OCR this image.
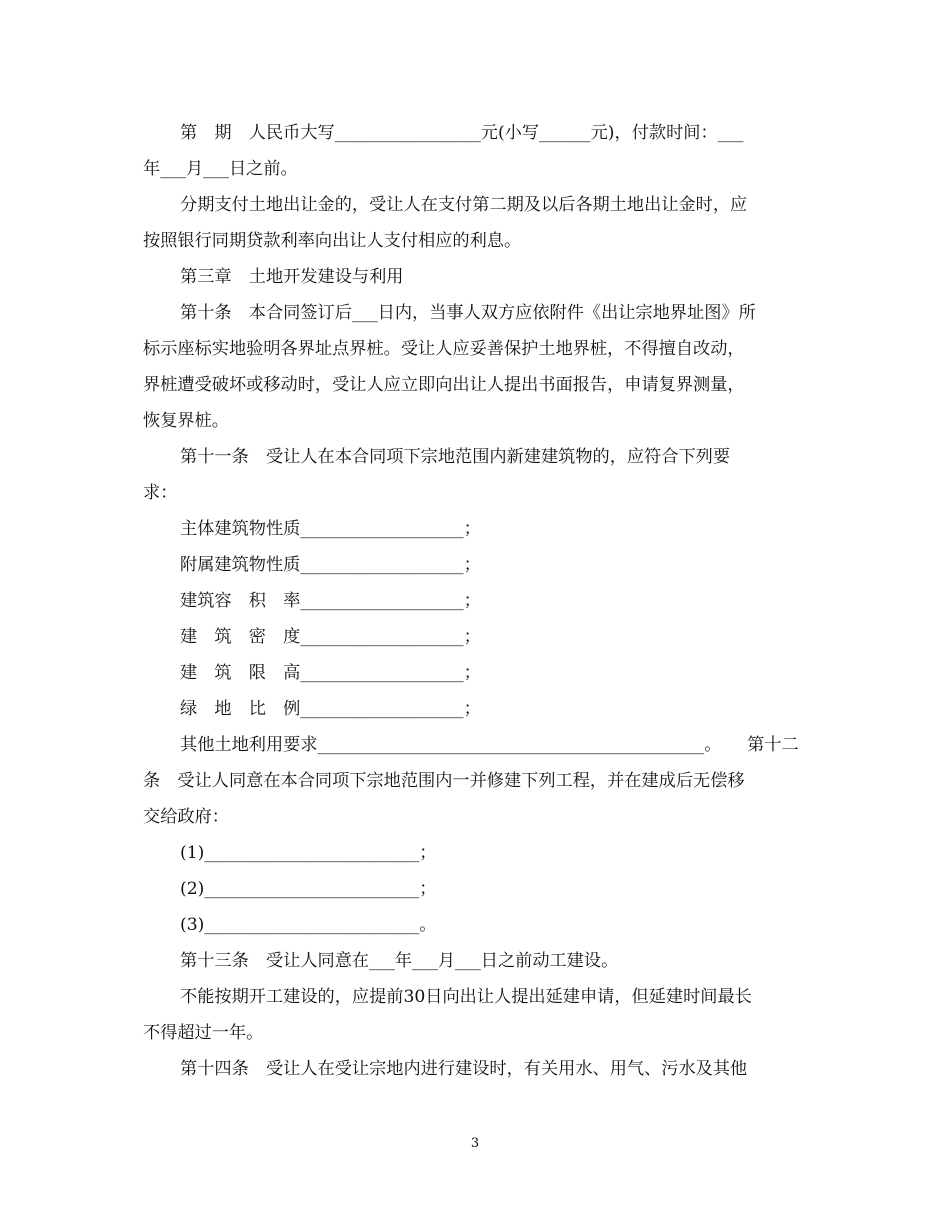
第　期　人民币大写_________________元(小写______元)，付款时间：___
年___月___日之前。
分期支付土地出让金的，受让人在支付第二期及以后各期土地出让金时，应
按照银行同期贷款利率向出让人支付相应的利息。
第三章　土地开发建设与利用
第十条　本合同签订后___日内，当事人双方应依附件《出让宗地界址图》所
标示座标实地验明各界址点界桩。受让人应妥善保护土地界桩，不得擅自改动，
界桩遭受破坏或移动时，受让人应立即向出让人提出书面报告，申请复界测量，
恢复界桩。
第十一条　受让人在本合同项下宗地范围内新建建筑物的，应符合下列要
求：
主体建筑物性质___________________；
附属建筑物性质___________________；
建筑容　积　率___________________；
建　筑　密　度___________________；
建　筑　限　高___________________；
绿　地　比　例___________________；
其他土地利用要求_____________________________________________。　　第十二
条　受让人同意在本合同项下宗地范围内一并修建下列工程，并在建成后无偿移
交给政府：
(1)_________________________；
(2)_________________________；
(3)_________________________。
第十三条　受让人同意在___年___月___日之前动工建设。
不能按期开工建设的，应提前30日向出让人提出延建申请，但延建时间最长
不得超过一年。
第十四条　受让人在受让宗地内进行建设时，有关用水、用气、污水及其他
3
